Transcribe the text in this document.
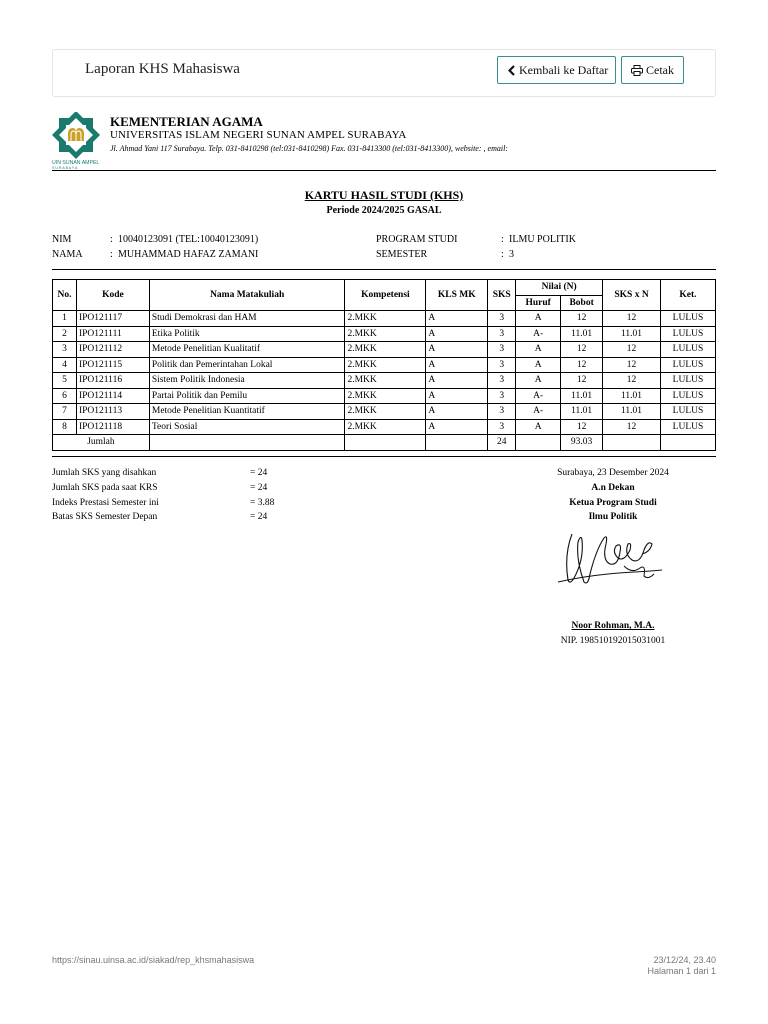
Laporan KHS Mahasiswa	Kembali ke Daftar	Cetak
UIN SUNAN AMPEL
S U R A B A Y A
KEMENTERIAN AGAMA
UNIVERSITAS ISLAM NEGERI SUNAN AMPEL SURABAYA
Jl. Ahmad Yani 117 Surabaya. Telp. 031-8410298 (tel:031-8410298) Fax. 031-8413300 (tel:031-8413300), website: , email:
KARTU HASIL STUDI (KHS)
Periode 2024/2025 GASAL
NIM	: 10040123091 (TEL:10040123091)
NAMA	: MUHAMMAD HAFAZ ZAMANI
PROGRAM STUDI	: ILMU POLITIK
SEMESTER	: 3
No.	Kode	Nama Matakuliah	Kompetensi	KLS MK	SKS	Nilai (N)		SKS x N	Ket.
						Huruf	Bobot		
1	IPO121117	Studi Demokrasi dan HAM	2.MKK	A	3	A	12	12	LULUS
2	IPO121111	Etika Politik	2.MKK	A	3	A-	11.01	11.01	LULUS
3	IPO121112	Metode Penelitian Kualitatif	2.MKK	A	3	A	12	12	LULUS
4	IPO121115	Politik dan Pemerintahan Lokal	2.MKK	A	3	A	12	12	LULUS
5	IPO121116	Sistem Politik Indonesia	2.MKK	A	3	A	12	12	LULUS
6	IPO121114	Partai Politik dan Pemilu	2.MKK	A	3	A-	11.01	11.01	LULUS
7	IPO121113	Metode Penelitian Kuantitatif	2.MKK	A	3	A-	11.01	11.01	LULUS
8	IPO121118	Teori Sosial	2.MKK	A	3	A	12	12	LULUS
Jumlah					24		93.03		
Jumlah SKS yang disahkan	= 24
Jumlah SKS pada saat KRS	= 24
Indeks Prestasi Semester ini	= 3.88
Batas SKS Semester Depan	= 24
Surabaya, 23 Desember 2024
A.n Dekan
Ketua Program Studi
Ilmu Politik
Noor Rohman, M.A.
NIP. 198510192015031001
https://sinau.uinsa.ac.id/siakad/rep_khsmahasiswa	23/12/24, 23.40
Halaman 1 dari 1
